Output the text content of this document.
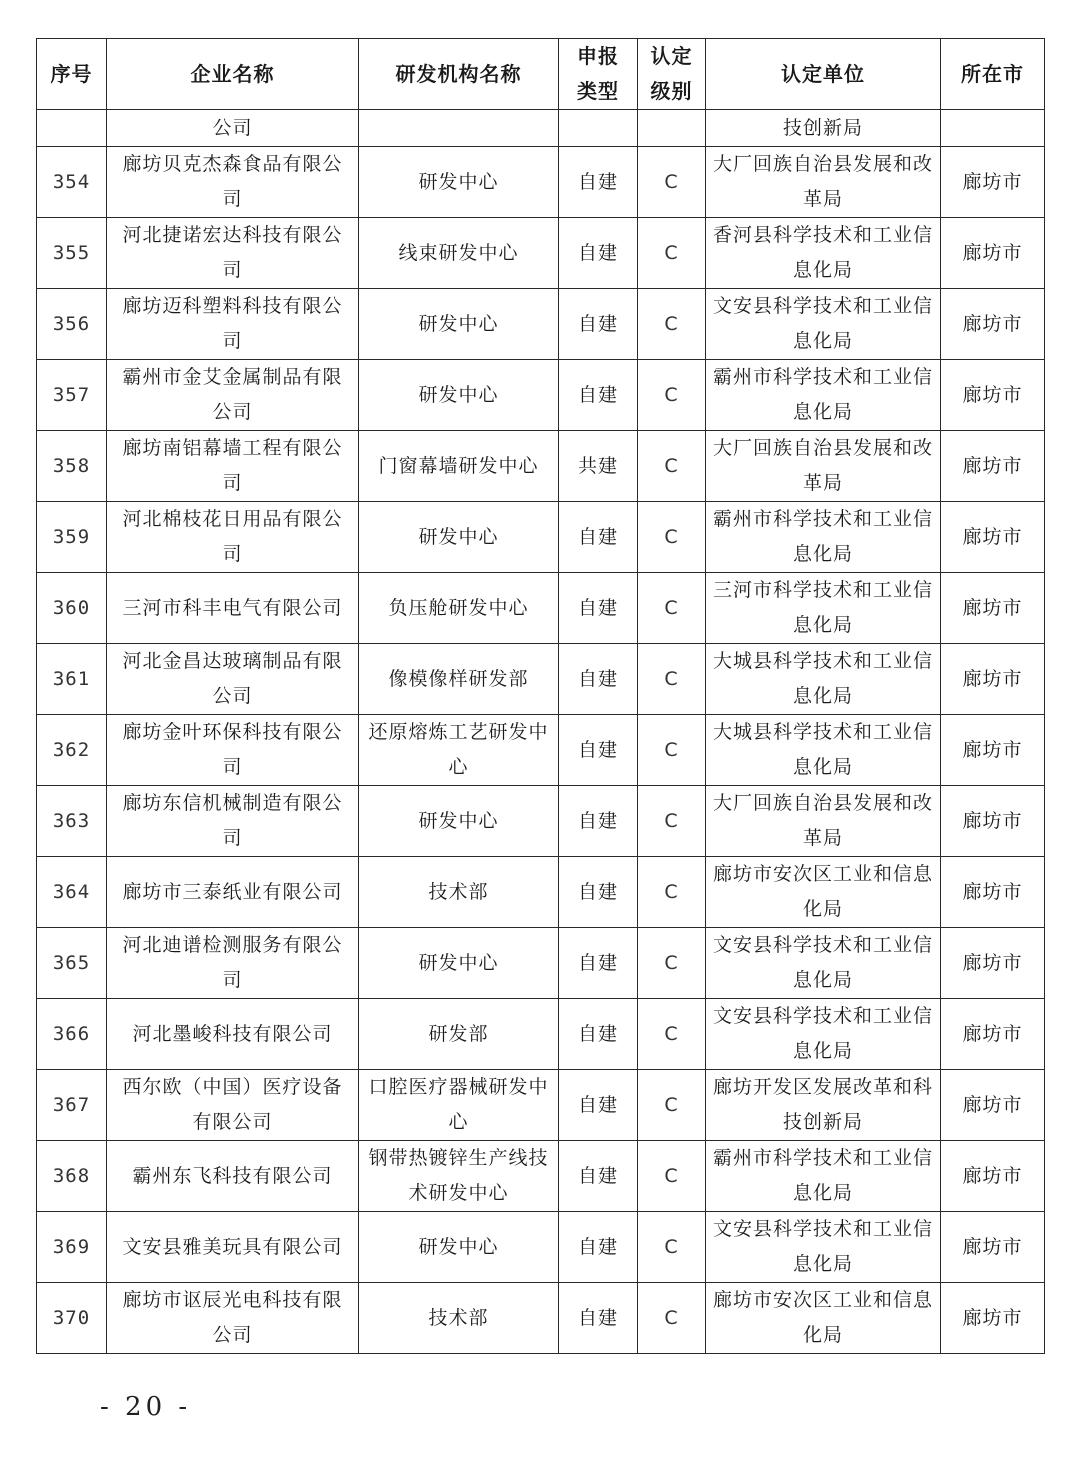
序号	企业名称	研发机构名称	申报类型	认定级别	认定单位	所在市
	公司				技创新局	
354	廊坊贝克杰森食品有限公司	研发中心	自建	C	大厂回族自治县发展和改革局	廊坊市
355	河北捷诺宏达科技有限公司	线束研发中心	自建	C	香河县科学技术和工业信息化局	廊坊市
356	廊坊迈科塑料科技有限公司	研发中心	自建	C	文安县科学技术和工业信息化局	廊坊市
357	霸州市金艾金属制品有限公司	研发中心	自建	C	霸州市科学技术和工业信息化局	廊坊市
358	廊坊南铝幕墙工程有限公司	门窗幕墙研发中心	共建	C	大厂回族自治县发展和改革局	廊坊市
359	河北棉枝花日用品有限公司	研发中心	自建	C	霸州市科学技术和工业信息化局	廊坊市
360	三河市科丰电气有限公司	负压舱研发中心	自建	C	三河市科学技术和工业信息化局	廊坊市
361	河北金昌达玻璃制品有限公司	像模像样研发部	自建	C	大城县科学技术和工业信息化局	廊坊市
362	廊坊金叶环保科技有限公司	还原熔炼工艺研发中心	自建	C	大城县科学技术和工业信息化局	廊坊市
363	廊坊东信机械制造有限公司	研发中心	自建	C	大厂回族自治县发展和改革局	廊坊市
364	廊坊市三泰纸业有限公司	技术部	自建	C	廊坊市安次区工业和信息化局	廊坊市
365	河北迪谱检测服务有限公司	研发中心	自建	C	文安县科学技术和工业信息化局	廊坊市
366	河北墨峻科技有限公司	研发部	自建	C	文安县科学技术和工业信息化局	廊坊市
367	西尔欧（中国）医疗设备有限公司	口腔医疗器械研发中心	自建	C	廊坊开发区发展改革和科技创新局	廊坊市
368	霸州东飞科技有限公司	钢带热镀锌生产线技术研发中心	自建	C	霸州市科学技术和工业信息化局	廊坊市
369	文安县雅美玩具有限公司	研发中心	自建	C	文安县科学技术和工业信息化局	廊坊市
370	廊坊市讴辰光电科技有限公司	技术部	自建	C	廊坊市安次区工业和信息化局	廊坊市
- 20 -
